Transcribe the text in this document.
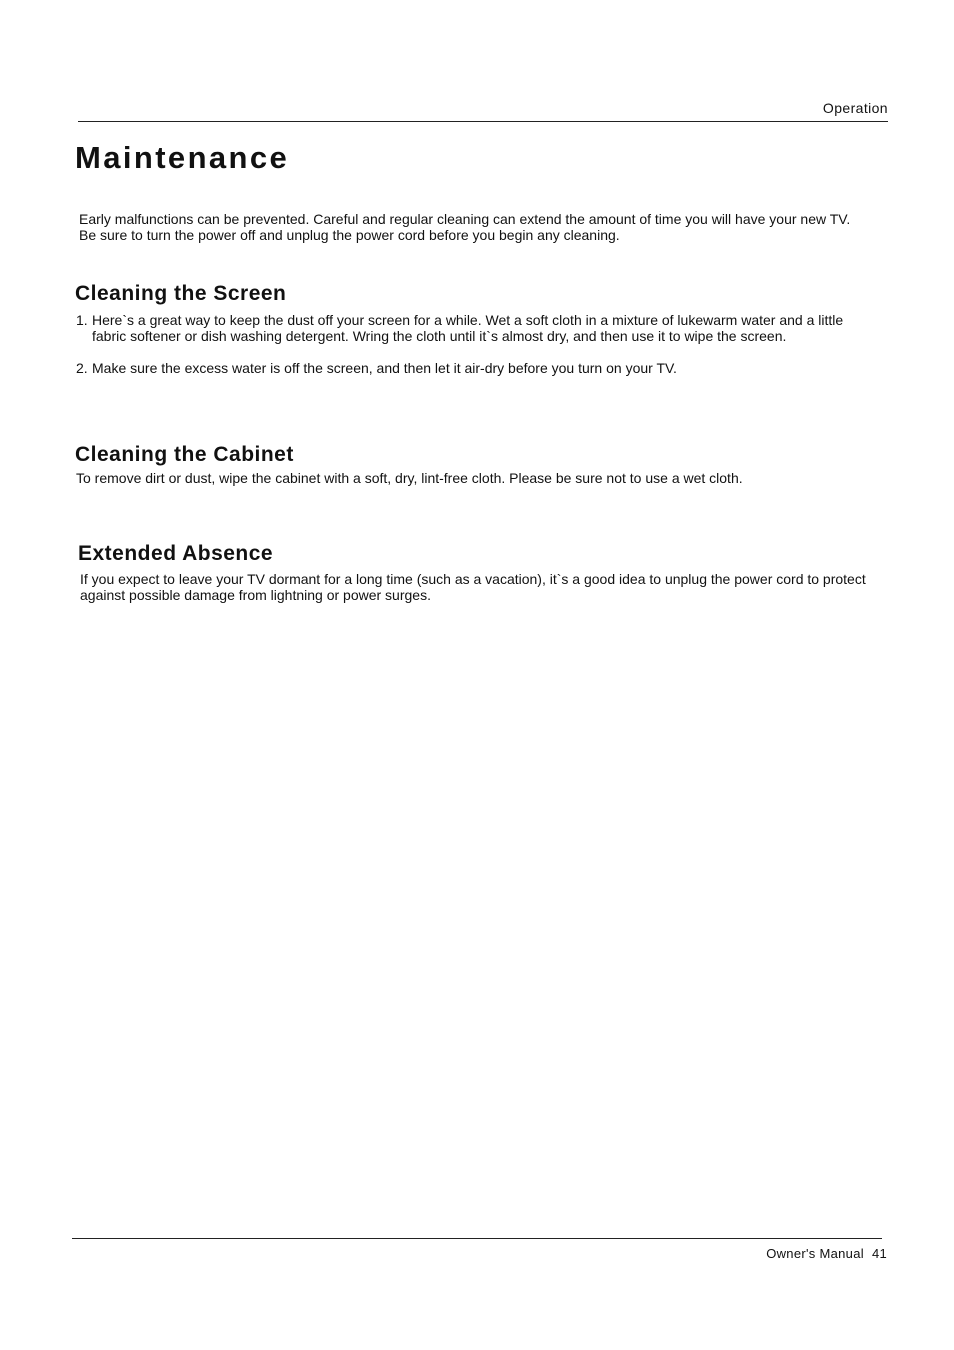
Operation
Maintenance

Early malfunctions can be prevented. Careful and regular cleaning can extend the amount of time you will have your new TV. Be sure to turn the power off and unplug the power cord before you begin any cleaning.

Cleaning the Screen
1. Here`s a great way to keep the dust off your screen for a while. Wet a soft cloth in a mixture of lukewarm water and a little fabric softener or dish washing detergent. Wring the cloth until it`s almost dry, and then use it to wipe the screen.
2. Make sure the excess water is off the screen, and then let it air-dry before you turn on your TV.
Cleaning the Cabinet

To remove dirt or dust, wipe the cabinet with a soft, dry, lint-free cloth. Please be sure not to use a wet cloth.

Extended Absence

If you expect to leave your TV dormant for a long time (such as a vacation), it`s a good idea to unplug the power cord to protect against possible damage from lightning or power surges.

Owner's Manual 41
